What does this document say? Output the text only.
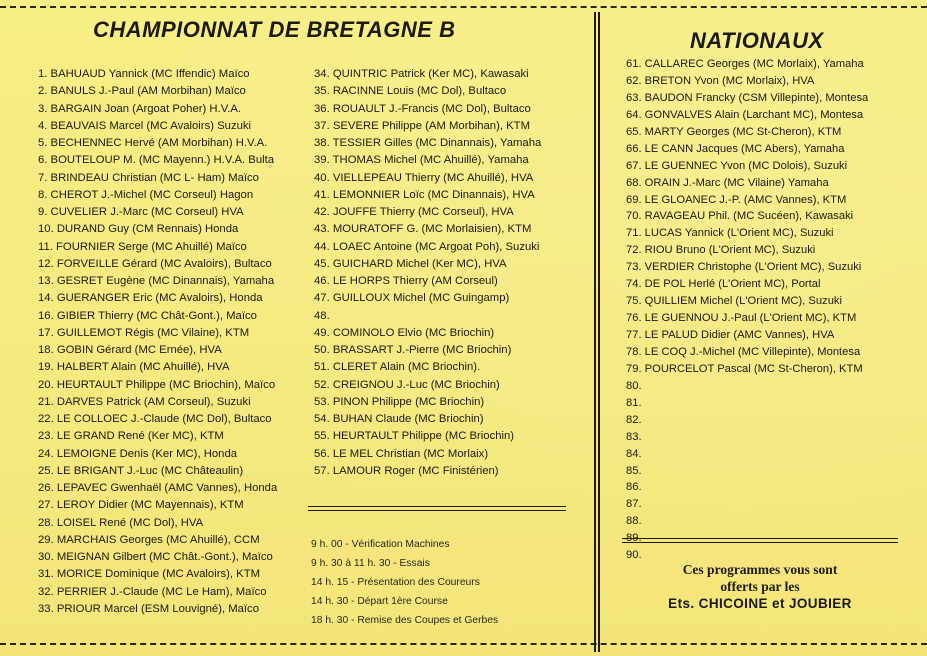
CHAMPIONNAT DE BRETAGNE B	NATIONAUX
1. BAHUAUD Yannick (MC Iffendic) Maïco
2. BANULS J.-Paul (AM Morbihan) Maïco
3. BARGAIN Joan (Argoat Poher) H.V.A.
4. BEAUVAIS Marcel (MC Avaloirs) Suzuki
5. BECHENNEC Hervé (AM Morbihan) H.V.A.
6. BOUTELOUP M. (MC Mayenn.) H.V.A. Bulta
7. BRINDEAU Christian (MC L- Ham) Maïco
8. CHEROT J.-Michel (MC Corseul) Hagon
9. CUVELIER J.-Marc (MC Corseul) HVA
10. DURAND Guy (CM Rennais) Honda
11. FOURNIER Serge (MC Ahuillé) Maïco
12. FORVEILLE Gérard (MC Avaloirs), Bultaco
13. GESRET Eugène (MC Dinannais), Yamaha
14. GUERANGER Eric (MC Avaloirs), Honda
16. GIBIER Thierry (MC Chât-Gont.), Maïco
17. GUILLEMOT Régis (MC Vilaine), KTM
18. GOBIN Gérard (MC Ernée), HVA
19. HALBERT Alain (MC Ahuillé), HVA
20. HEURTAULT Philippe (MC Briochin), Maïco
21. DARVES Patrick (AM Corseul), Suzuki
22. LE COLLOEC J.-Claude (MC Dol), Bultaco
23. LE GRAND René (Ker MC), KTM
24. LEMOIGNE Denis (Ker MC), Honda
25. LE BRIGANT J.-Luc (MC Châteaulin)
26. LEPAVEC Gwenhaël (AMC Vannes), Honda
27. LEROY Didier (MC Mayennais), KTM
28. LOISEL René (MC Dol), HVA
29. MARCHAIS Georges (MC Ahuillé), CCM
30. MEIGNAN Gilbert (MC Chât.-Gont.), Maïco
31. MORICE Dominique (MC Avaloirs), KTM
32. PERRIER J.-Claude (MC Le Ham), Maïco
33. PRIOUR Marcel (ESM Louvigné), Maïco
34. QUINTRIC Patrick (Ker MC), Kawasaki
35. RACINNE Louis (MC Dol), Bultaco
36. ROUAULT J.-Francis (MC Dol), Bultaco
37. SEVERE Philippe (AM Morbihan), KTM
38. TESSIER Gilles (MC Dinannais), Yamaha
39. THOMAS Michel (MC Ahuillé), Yamaha
40. VIELLEPEAU Thierry (MC Ahuillé), HVA
41. LEMONNIER Loïc (MC Dinannais), HVA
42. JOUFFE Thierry (MC Corseul), HVA
43. MOURATOFF G. (MC Morlaisien), KTM
44. LOAEC Antoine (MC Argoat Poh), Suzuki
45. GUICHARD Michel (Ker MC), HVA
46. LE HORPS Thierry (AM Corseul)
47. GUILLOUX Michel (MC Guingamp)
48.
49. COMINOLO Elvio (MC Briochin)
50. BRASSART J.-Pierre (MC Briochin)
51. CLERET Alain (MC Briochin).
52. CREIGNOU J.-Luc (MC Briochin)
53. PINON Philippe (MC Briochin)
54. BUHAN Claude (MC Briochin)
55. HEURTAULT Philippe (MC Briochin)
56. LE MEL Christian (MC Morlaix)
57. LAMOUR Roger (MC Finistérien)
9 h. 00 - Vérification Machines
9 h. 30 à 11 h. 30 - Essais
14 h. 15 - Présentation des Coureurs
14 h. 30 - Départ 1ère Course
18 h. 30 - Remise des Coupes et Gerbes
61. CALLAREC Georges (MC Morlaix), Yamaha
62. BRETON Yvon (MC Morlaix), HVA
63. BAUDON Francky (CSM Villepinte), Montesa
64. GONVALVES Alain (Larchant MC), Montesa
65. MARTY Georges (MC St-Cheron), KTM
66. LE CANN Jacques (MC Abers), Yamaha
67. LE GUENNEC Yvon (MC Dolois), Suzuki
68. ORAIN J.-Marc (MC Vilaine) Yamaha
69. LE GLOANEC J.-P. (AMC Vannes), KTM
70. RAVAGEAU Phil. (MC Sucéen), Kawasaki
71. LUCAS Yannick (L'Orient MC), Suzuki
72. RIOU Bruno (L'Orient MC), Suzuki
73. VERDIER Christophe (L'Orient MC), Suzuki
74. DE POL Herlé (L'Orient MC), Portal
75. QUILLIEM Michel (L'Orient MC), Suzuki
76. LE GUENNOU J.-Paul (L'Orient MC), KTM
77. LE PALUD Didier (AMC Vannes), HVA
78. LE COQ J.-Michel (MC Villepinte), Montesa
79. POURCELOT Pascal (MC St-Cheron), KTM
80.
81.
82.
83.
84.
85.
86.
87.
88.
89.
90.
Ces programmes vous sont
offerts par les
Ets. CHICOINE et JOUBIER
